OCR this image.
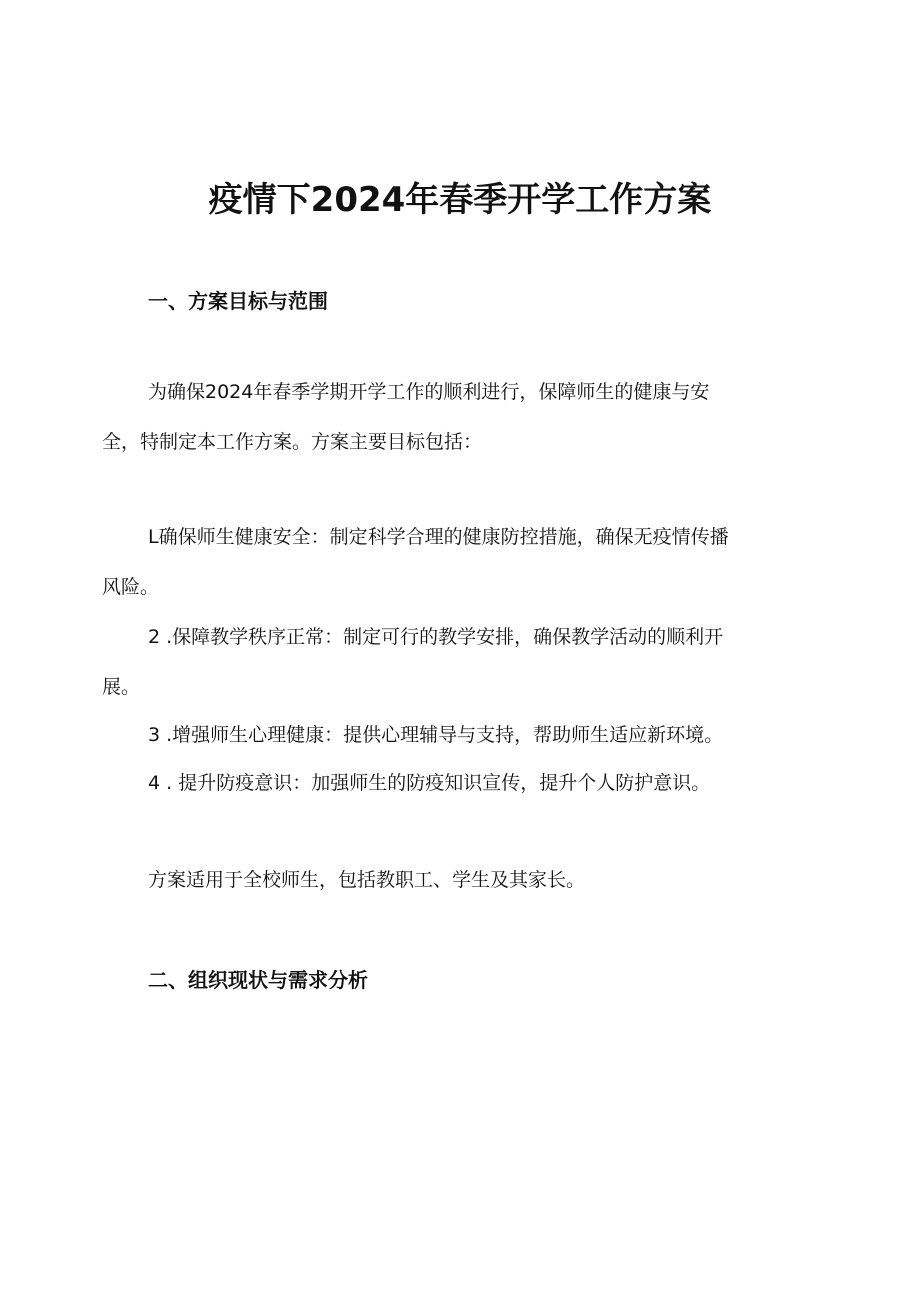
疫情下2024年春季开学工作方案
一、方案目标与范围
为确保2024年春季学期开学工作的顺利进行，保障师生的健康与安
全，特制定本工作方案。方案主要目标包括：
L确保师生健康安全：制定科学合理的健康防控措施，确保无疫情传播
风险。
2 .保障教学秩序正常：制定可行的教学安排，确保教学活动的顺利开
展。
3 .增强师生心理健康：提供心理辅导与支持，帮助师生适应新环境。
4 . 提升防疫意识：加强师生的防疫知识宣传，提升个人防护意识。
方案适用于全校师生，包括教职工、学生及其家长。
二、组织现状与需求分析
